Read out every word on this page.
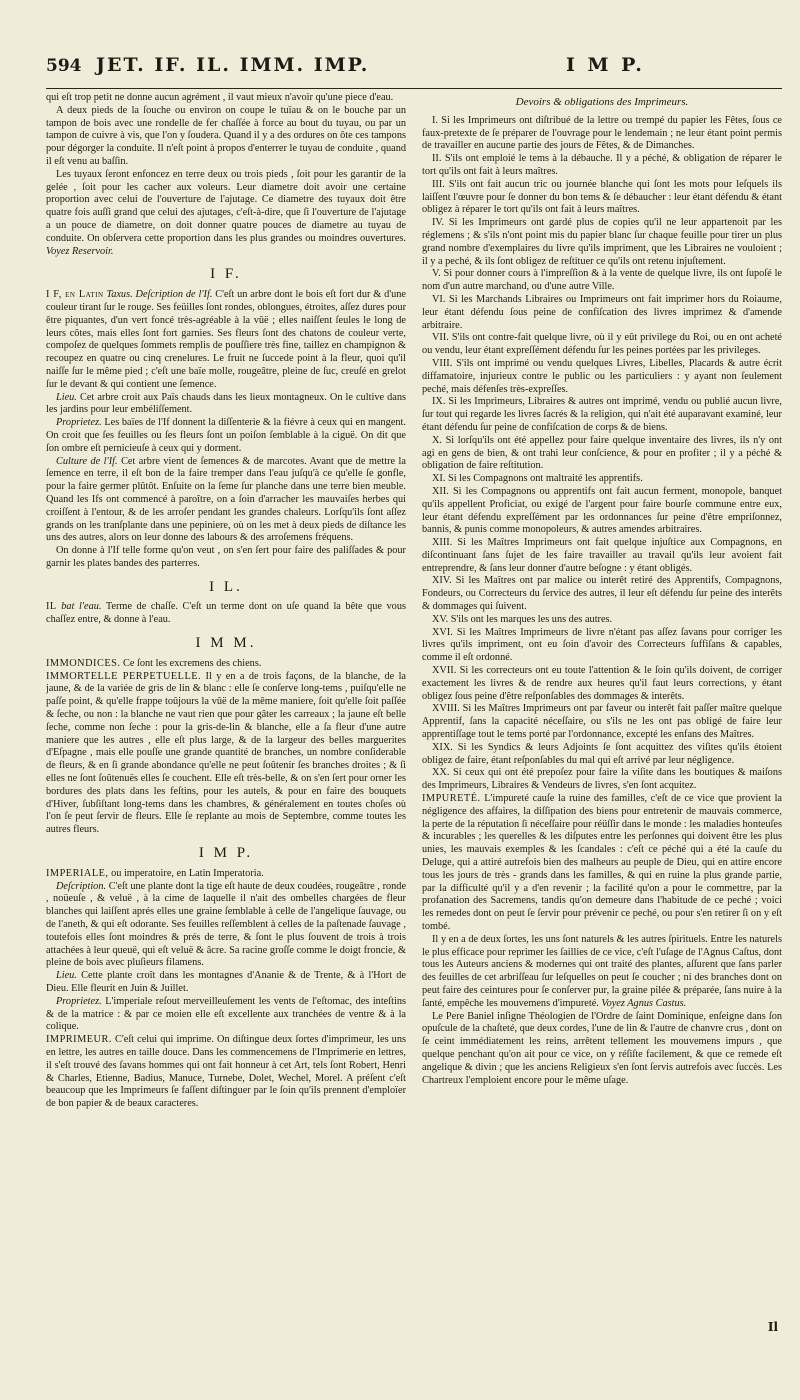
594 JET. IF. IL. IMM. IMP.	I M P.

qui eſt trop petit ne donne aucun agrément , il vaut mieux n'avoir qu'une piece d'eau.

A deux pieds de la ſouche ou environ on coupe le tuïau & on le bouche par un tampon de bois avec une rondelle de fer chaſſée à force au bout du tuyau, ou par un tampon de cuivre à vis, que l'on y ſoudera. Quand il y a des ordures on ôte ces tampons pour dégorger la conduite. Il n'eſt point à propos d'enterrer le tuyau de conduite , quand il eſt venu au baſſin.

Les tuyaux ſeront enfoncez en terre deux ou trois pieds , ſoit pour les garantir de la gelée , ſoit pour les cacher aux voleurs. Leur diametre doit avoir une certaine proportion avec celui de l'ouverture de l'ajutage. Ce diametre des tuyaux doit être quatre fois auſſi grand que celui des ajutages, c'eſt-à-dire, que ſi l'ouverture de l'ajutage a un pouce de diametre, on doit donner quatre pouces de diametre au tuyau de conduite. On obſervera cette proportion dans les plus grandes ou moindres ouvertures. Voyez Reservoir.

I F.

I F, en Latin Taxus. Deſcription de l'If. C'eſt un arbre dont le bois eſt fort dur & d'une couleur tirant ſur le rouge. Ses feüilles ſont rondes, oblongues, étroites, aſſez dures pour être piquantes, d'un vert foncé très-agréable à la vûë ; elles naiſſent ſeules le long de leurs côtes, mais elles ſont fort garnies. Ses fleurs ſont des chatons de couleur verte, compoſez de quelques ſommets remplis de pouſſiere très fine, taillez en champignon & recoupez en quatre ou cinq crenelures. Le fruit ne ſuccede point à la fleur, quoi qu'il naiſſe ſur le même pied ; c'eſt une baïe molle, rougeâtre, pleine de ſuc, creuſé en grelot ſur le devant & qui contient une ſemence.

Lieu. Cet arbre croit aux Païs chauds dans les lieux montagneux. On le cultive dans les jardins pour leur embéliſſement.

Proprietez. Les baïes de l'If donnent la diſſenterie & la fiévre à ceux qui en mangent. On croit que ſes feuilles ou ſes fleurs ſont un poiſon ſemblable à la ciguë. On dit que ſon ombre eſt pernicieuſe à ceux qui y dorment.

Culture de l'If. Cet arbre vient de ſemences & de marcotes. Avant que de mettre la ſemence en terre, il eſt bon de la faire tremper dans l'eau juſqu'à ce qu'elle ſe gonfle, pour la faire germer plûtôt. Enſuite on la ſeme ſur planche dans une terre bien meuble. Quand les Ifs ont commencé à paroître, on a ſoin d'arracher les mauvaiſes herbes qui croiſſent à l'entour, & de les arroſer pendant les grandes chaleurs. Lorſqu'ils ſont aſſez grands on les tranſplante dans une pepiniere, où on les met à deux pieds de diſtance les uns des autres, alors on leur donne des labours & des arroſemens fréquens.

On donne à l'If telle forme qu'on veut , on s'en ſert pour faire des paliſſades & pour garnir les plates bandes des parterres.

I L.

IL bat l'eau. Terme de chaſſe. C'eſt un terme dont on uſe quand la bête que vous chaſſez entre, & donne à l'eau.

I M M.

IMMONDICES. Ce ſont les excremens des chiens.

IMMORTELLE PERPETUELLE. Il y en a de trois façons, de la blanche, de la jaune, & de la variée de gris de lin & blanc : elle ſe conſerve long-tems , puiſqu'elle ne paſſe point, & qu'elle frappe toûjours la vûë de la même maniere, ſoit qu'elle ſoit paſſée & ſeche, ou non : la blanche ne vaut rien que pour gâter les carreaux ; la jaune eſt belle ſeche, comme non ſeche : pour la gris-de-lin & blanche, elle a ſa fleur d'une autre maniere que les autres , elle eſt plus large, & de la largeur des belles marguerites d'Eſpagne , mais elle pouſſe une grande quantité de branches, un nombre conſiderable de fleurs, & en ſi grande abondance qu'elle ne peut ſoûtenir ſes branches droites ; & ſi elles ne ſont ſoûtenuës elles ſe couchent. Elle eſt très-belle, & on s'en ſert pour orner les bordures des plats dans les feſtins, pour les autels, & pour en faire des bouquets d'Hiver, ſubſiſtant long-tems dans les chambres, & généralement en toutes choſes où l'on ſe peut ſervir de fleurs. Elle ſe replante au mois de Septembre, comme toutes les autres fleurs.

I M P.

IMPERIALE, ou imperatoire, en Latin Imperatoria.

Deſcription. C'eſt une plante dont la tige eſt haute de deux coudées, rougeâtre , ronde , noüeuſe , & veluë , à la cime de laquelle il n'ait des ombelles chargées de fleur blanches qui laiſſent aprés elles une graine ſemblable à celle de l'angelique ſauvage, ou de l'aneth, & qui eſt odorante. Ses feuilles reſſemblent à celles de la paſtenade ſauvage , toutefois elles ſont moindres & prés de terre, & ſont le plus ſouvent de trois à trois attachées à leur queuë, qui eſt veluë & âcre. Sa racine groſſe comme le doigt froncie, & pleine de bois avec pluſieurs filamens.

Lieu. Cette plante croît dans les montagnes d'Ananie & de Trente, & à l'Hort de Dieu. Elle fleurit en Juin & Juillet.

Proprietez. L'imperiale reſout merveilleuſement les vents de l'eſtomac, des inteſtins & de la matrice : & par ce moien elle eſt excellente aux tranchées de ventre & à la colique.

IMPRIMEUR. C'eſt celui qui imprime. On diſtingue deux ſortes d'imprimeur, les uns en lettre, les autres en taille douce. Dans les commencemens de l'Imprimerie en lettres, il s'eſt trouvé des ſavans hommes qui ont fait honneur à cet Art, tels ſont Robert, Henri & Charles, Etienne, Badius, Manuce, Turnebe, Dolet, Wechel, Morel. A préſent c'eſt beaucoup que les Imprimeurs ſe faſſent diſtinguer par le ſoin qu'ils prennent d'emploïer de bon papier & de beaux caracteres.

Devoirs & obligations des Imprimeurs.

I. Si les Imprimeurs ont diſtribué de la lettre ou trempé du papier les Fêtes, ſous ce faux-pretexte de ſe préparer de l'ouvrage pour le lendemain ; ne leur étant point permis de travailler en aucune partie des jours de Fêtes, & de Dimanches.

II. S'ils ont emploié le tems à la débauche. Il y a péché, & obligation de réparer le tort qu'ils ont fait à leurs maîtres.

III. S'ils ont fait aucun tric ou journée blanche qui ſont les mots pour leſquels ils laiſſent l'œuvre pour ſe donner du bon tems & ſe débaucher : leur étant défendu & étant obligez à réparer le tort qu'ils ont fait à leurs maîtres.

IV. Si les Imprimeurs ont gardé plus de copies qu'il ne leur appartenoit par les réglemens ; & s'ils n'ont point mis du papier blanc ſur chaque feuille pour tirer un plus grand nombre d'exemplaires du livre qu'ils impriment, que les Libraires ne vouloient ; il y a peché, & ils ſont obligez de reſtituer ce qu'ils ont retenu injuſtement.

V. Si pour donner cours à l'impreſſion & à la vente de quelque livre, ils ont ſupoſé le nom d'un autre marchand, ou d'une autre Ville.

VI. Si les Marchands Libraires ou Imprimeurs ont fait imprimer hors du Roiaume, leur étant défendu ſous peine de confiſcation des livres imprimez & d'amende arbitraire.

VII. S'ils ont contre-fait quelque livre, où il y eût privilege du Roi, ou en ont acheté ou vendu, leur étant expreſſément défendu ſur les peines portées par les privileges.

VIII. S'ils ont imprimé ou vendu quelques Livres, Libelles, Placards & autre écrit diffamatoire, injurieux contre le public ou les particuliers : y ayant non ſeulement peché, mais défenſes très-expreſſes.

IX. Si les Imprimeurs, Libraires & autres ont imprimé, vendu ou publié aucun livre, ſur tout qui regarde les livres ſacrés & la religion, qui n'ait été auparavant examiné, leur étant défendu ſur peine de confiſcation de corps & de biens.

X. Si lorſqu'ils ont été appellez pour faire quelque inventaire des livres, ils n'y ont agi en gens de bien, & ont trahi leur conſcience, & pour en profiter ; il y a péché & obligation de faire reſtitution.

XI. Si les Compagnons ont maltraité les apprentifs.

XII. Si les Compagnons ou apprentifs ont fait aucun ferment, monopole, banquet qu'ils appellent Proficiat, ou exigé de l'argent pour faire bourſe commune entre eux, leur étant défendu expreſſément par les ordonnances ſur peine d'être empriſonnez, bannis, & punis comme monopoleurs, & autres amendes arbitraires.

XIII. Si les Maîtres Imprimeurs ont fait quelque injuſtice aux Compagnons, en diſcontinuant ſans ſujet de les faire travailler au travail qu'ils leur avoient fait entreprendre, & ſans leur donner d'autre beſogne : y étant obligés.

XIV. Si les Maîtres ont par malice ou interêt retiré des Apprentifs, Compagnons, Fondeurs, ou Correcteurs du ſervice des autres, il leur eſt défendu ſur peine des interêts & dommages qui ſuivent.

XV. S'ils ont les marques les uns des autres.

XVI. Si les Maîtres Imprimeurs de livre n'étant pas aſſez ſavans pour corriger les livres qu'ils impriment, ont eu ſoin d'avoir des Correcteurs ſuffiſans & capables, comme il eſt ordonné.

XVII. Si les correcteurs ont eu toute l'attention & le ſoin qu'ils doivent, de corriger exactement les livres & de rendre aux heures qu'il faut leurs corrections, y étant obligez ſous peine d'être reſponſables des dommages & interêts.

XVIII. Si les Maîtres Imprimeurs ont par faveur ou interêt fait paſſer maître quelque Apprentif, ſans la capacité néceſſaire, ou s'ils ne les ont pas obligé de faire leur apprentiſſage tout le tems porté par l'ordonnance, excepté les enfans des Maîtres.

XIX. Si les Syndics & leurs Adjoints ſe ſont acquittez des viſites qu'ils étoient obligez de faire, étant reſponſables du mal qui eſt arrivé par leur négligence.

XX. Si ceux qui ont été prepoſez pour faire la viſite dans les boutiques & maiſons des Imprimeurs, Libraires & Vendeurs de livres, s'en ſont acquitez.

IMPURETÉ. L'impureté cauſe la ruine des familles, c'eſt de ce vice que provient la négligence des affaires, la diſſipation des biens pour entretenir de mauvais commerce, la perte de la réputation ſi néceſſaire pour réüſſir dans le monde : les maladies honteuſes & incurables ; les querelles & les diſputes entre les perſonnes qui doivent être les plus unies, les mauvais exemples & les ſcandales : c'eſt ce péché qui a été la cauſe du Deluge, qui a attiré autrefois bien des malheurs au peuple de Dieu, qui en attire encore tous les jours de très - grands dans les familles, & qui en ruine la plus grande partie, par la difficulté qu'il y a d'en revenir ; la facilité qu'on a pour le commettre, par la profanation des Sacremens, tandis qu'on demeure dans l'habitude de ce peché ; voici les remedes dont on peut ſe ſervir pour prévenir ce peché, ou pour s'en retirer ſi on y eſt tombé.

Il y en a de deux ſortes, les uns ſont naturels & les autres ſpirituels. Entre les naturels le plus efficace pour reprimer les ſaillies de ce vice, c'eſt l'uſage de l'Agnus Caſtus, dont tous les Auteurs anciens & modernes qui ont traité des plantes, aſſurent que ſans parler des feuilles de cet arbriſſeau ſur leſquelles on peut ſe coucher ; ni des branches dont on peut faire des ceintures pour ſe conſerver pur, la graine pilée & préparée, ſans nuire à la ſanté, empêche les mouvemens d'impureté. Voyez Agnus Castus.

Le Pere Baniel inſigne Théologien de l'Ordre de ſaint Dominique, enſeigne dans ſon opuſcule de la chaſteté, que deux cordes, l'une de lin & l'autre de chanvre crus , dont on ſe ceint immédiatement les reins, arrêtent tellement les mouvemens impurs , que quelque penchant qu'on ait pour ce vice, on y réſiſte facilement, & que ce remede eſt angelique & divin ; que les anciens Religieux s'en ſont ſervis autrefois avec ſuccès. Les Chartreux l'emploient encore pour le même uſage.

Il
